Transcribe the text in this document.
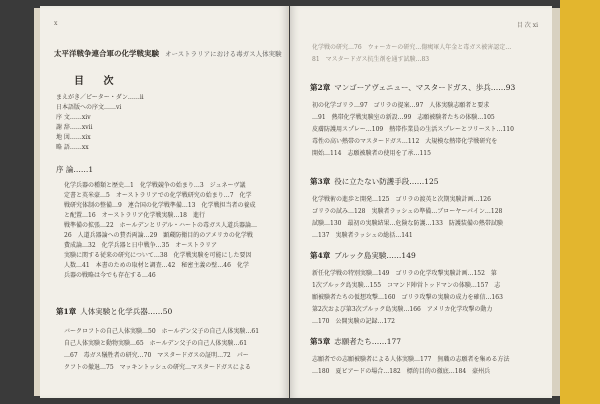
x
太平洋戦争連合軍の化学戦実験 オーストラリアにおける毒ガス人体実験
目 次
まえがき／ピーター・ダン……ii
日本語版への序文……vi
序 文……xiv
謝 辞……xvii
地 図……xix
略 語……xx
序 論……1
化学兵器の種類と歴史…1　化学戦競争の始まり…3　ジュネーヴ議
定書と英米豪…5　オーストラリアでの化学戦研究の始まり…7　化学
戦研究体制の整備…9　連合国の化学戦準備…13　化学戦担当者の養成
と配置…16　オーストラリア化学戦実験…18　進行
戦準備の拡張…22　ホールデンとリデル・ハートの毒ガス人道兵器論…
26　人道兵器論への賛否両論…29　顕蔵防衛目的のアメリカの化学戦
費成論…32　化学兵器と日中戦争…35　オーストラリア
実験に関する従来の研究について…38　化学戦実験を可能にした要因
人数…41　本書のための取材と調査…42　秘密主義の壁…46　化学
兵器の戦略は今でも存在する…46
第1章 人体実験と化学兵器……50
バークロフトの自己人体実験…50　ホールデン父子の自己人体実験…61
自己人体実験と動物実験…65　ホールデン父子の自己人体実験…61
…67　毒ガス犠牲者の研究…70　マスタードガスの証明…72　パー
クフトの撤退…75　マッキントッシュの研究…マスタードガスによる
目 次 xi
化学戦の研究…76　ウォーカーの研究…傷痍軍人年金と毒ガス被害認定…
81　マスタードガス抗生剤を通す試験…83
第2章 マンゴーアヴェニュー、マスタードガス、歩兵……93
初の化学ゴリラ…97　ゴリラの提案…97　人体実験志願者と要求
…91　熱帯化学戦実験室の新設…99　志願被験者たちの体験…105
皮膚防護用スプレー…109　熱帯作業員の生活スプレーとフリースト…110
毒性の高い熱帯のマスタードガス…112　大規模な熱帯化学戦研究を
開始…114　志願被験者の使用を了承…115
第3章 役に立たない防護手段……125
化学戦術の進歩と開発…125　ゴリラの渡英と次期実験計画…126
ゴリラの試み…128　実験者ラッシュの準備…ブローヤーパイン…128
試験…130　最初の実験結果…危険な防護…133　防護装備の熱帯試験
…137　実験者ラッシュの総括…141
第4章 ブルック島実験……149
新任化学戦の特別実験…149　ゴリラの化学攻撃実験計画…152　第
1次ブルック島実験…155　コマンド陣営トッドマンの体験…157　志
願被験者たちの仮想攻撃…160　ゴリラ攻撃の実験の成力を確信…163
第2次および第3次ブルック島実験…166　アメリカ化学攻撃の動力
…170　公開実験の記録…172
第5章 志願者たち……177
志願者での志願被験者による人体実験…177　無職の志願者を集める方法
…180　夏ビアードの場合…182　標的目的の徹底…184　豪州兵
